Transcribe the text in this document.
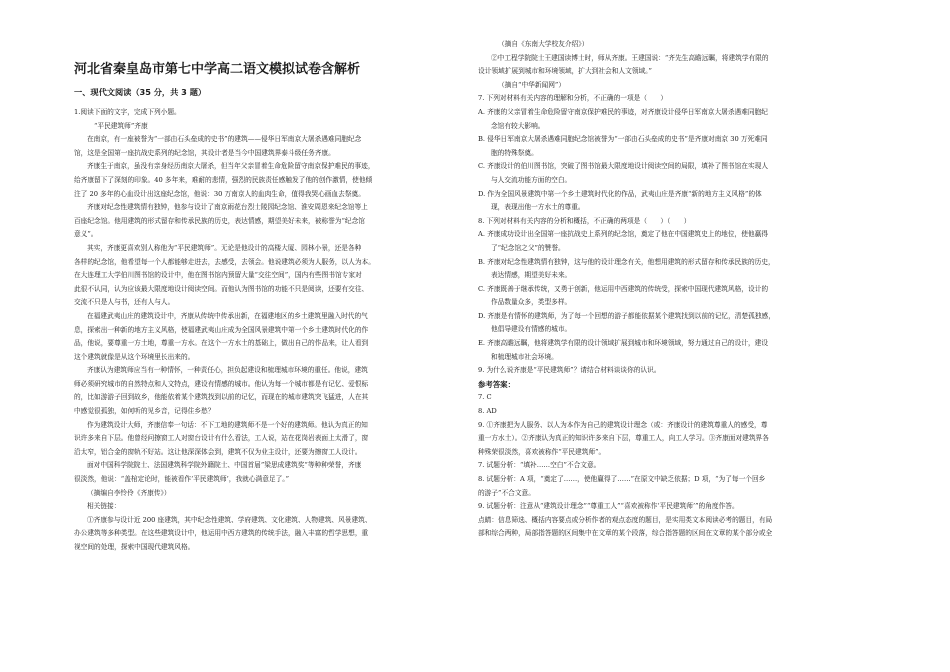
河北省秦皇岛市第七中学高二语文模拟试卷含解析
一、现代文阅读（35 分，共 3 题）
1.阅读下面的文字，完成下列小题。
“平民建筑师”齐康
在南京，有一座被誉为“一部由石头垒成的史书”的建筑——侵华日军南京大屠杀遇难同胞纪念
馆，这是全国第一座抗战史系列的纪念馆，其设计者是当今中国建筑界泰斗级任务齐康。
齐康生于南京，虽没有亲身经历南京大屠杀，但当年父亲冒着生命危险留守南京保护难民的事迹，
给齐康留下了深刻的印象。40 多年来，难耐的悲情，强烈的民族责任感触发了他的创作激情，使他倾
注了 20 多年的心血设计出这座纪念馆，他说：30 万南京人的血肉生命，值得我哭心画血去祭奠。
齐康对纪念性建筑情有独钟，他参与设计了南京雨花台烈士陵园纪念馆、淮安周恩来纪念馆等上
百座纪念馆。他用建筑的形式留存和传承民族的历史，表达情感，期望美好未来，被称誉为“纪念馆
意义”。
其实，齐康更喜欢别人称他为“平民建筑师”。无论是他设计的高楼大厦、园林小景，还是各种
各样的纪念馆，他希望每一个人都能够走进去，去感受，去领会。他说建筑必须为人服务，以人为本。
在大连理工大学伯川图书馆的设计中，他在图书馆内预留大量“交往空间”，国内有些图书馆专家对
此很不认同，认为应该最大限度地设计阅读空间。而他认为图书馆的功能不只是阅读，还要有交往、
交流不只是人与书，还有人与人。
在福建武夷山庄的建筑设计中，齐康从传统中传承出新，在福建地区的乡土建筑里融入时代的气
息，探索出一种新的地方主义风格，使福建武夷山庄成为全国风景建筑中第一个乡土建筑时代化的作
品，他说，要尊重一方土地，尊重一方水。在这个一方水土的基础上，做出自己的作品来，让人看到
这个建筑就像是从这个环境里长出来的。
齐康认为建筑师应当有一种情怀，一种责任心，担负起建设和梳理城市环境的重任。他说，建筑
师必须研究城市的自然特点和人文特点，建设有情感的城市。他认为每一个城市都是有记忆、爱恨标
的，比如游游子回到故乡，他能依着某个建筑找到以前的记忆，而现在的城市建筑突飞猛进，人在其
中感觉很孤独，如何听的见乡音，记得住乡愁？
作为建筑设计大师，齐康信奉一句话：不下工地的建筑师不是一个好的建筑师。他认为真正的知
识许多来自下层。他曾经问擦窗工人对窗台设计有什么看法，工人说，站在花岗岩表面上太滑了，窗
沿太窄，铝合金的窗轨不好站。这让他深深体会到，建筑不仅为业主设计，还要为擦窗工人设计。
面对中国科学院院士、法国建筑科学院外籍院士、中国首届”梁思成建筑奖“等种种荣誉，齐康
很淡然，他说：“盖棺定论时，能被看作‘平民建筑师’，我就心满意足了。”
（摘编自李怜伶《齐康传》）
相关链接：
①齐康参与设计近 200 座建筑，其中纪念性建筑、学府建筑、文化建筑、人物建筑、风景建筑、
办公建筑等多种类型。在这些建筑设计中，他运用中西方建筑的传统手法，融入丰富的哲学思想，重
视空间的处理，探索中国现代建筑风格。
（摘自《东南大学校友介绍》）
②中工程学院院士王建国读博士时，师从齐康。王建国说：“齐先生高瞻远瞩，将建筑学有限的
设计领域扩展到城市和环境领域，扩大到社会和人文领域。”
（摘自“中华新闻网”）
7. 下列对材料有关内容的理解和分析，不正确的一项是（　　）
A. 齐康的父亲冒着生命危险留守南京保护难民的事迹，对齐康设计侵华日军南京大屠杀遇难同胞纪
念馆有较大影响。
B. 侵华日军南京大屠杀遇难同胞纪念馆被誉为“一部由石头垒成的史书”是齐康对南京 30 万死难同
胞的特殊祭奠。
C. 齐康设计的伯川图书馆，突破了图书馆最大限度地设计阅读空间的局限，填补了图书馆在实现人
与人交流功能方面的空白。
D. 作为全国风景建筑中第一个乡土建筑时代化的作品，武夷山庄是齐康“新的地方主义风格”的体
现，表现出他一方水土的尊重。
8. 下列对材料有关内容的分析和概括，不正确的两项是（　　）（　　）
A. 齐康成功设计出全国第一座抗战史上系列的纪念馆，奠定了他在中国建筑史上的地位，使他赢得
了“纪念馆之父”的赞誉。
B. 齐康对纪念性建筑情有独钟，这与他的设计理念有关，他想用建筑的形式留存和传承民族的历史，
表达情感，期望美好未来。
C. 齐康既善于继承传统，又勇于创新，他运用中西建筑的传统受，探索中国现代建筑风格，设计的
作品数量众多，类型多样。
D. 齐康是有情怀的建筑师，为了每一个回想的游子都能依据某个建筑找到以前的记忆，清楚孤独感，
他倡导建设有情感的城市。
E. 齐康高瞻远瞩，他将建筑学有限的设计领域扩展到城市和环境领域，努力通过自己的设计，建设
和梳理城市社会环境。
9. 为什么说齐康是“平民建筑师”？请结合材料谈谈你的认识。
参考答案：
7. C
8. AD
9. ①齐康把为人服务、以人为本作为自己的建筑设计理念（或：齐康设计的建筑尊重人的感受，尊
重一方水土）。②齐康认为真正的知识许多来自下层，尊重工人，向工人学习。③齐康面对建筑界各
种殊荣很淡然，喜欢被称作“平民建筑师”。
7. 试题分析：“填补……空白”不合文意。
8. 试题分析：A 项，“奠定了……，使他赢得了……”在原文中缺乏依据；D 项，“为了每一个回乡
的游子”不合文意。
9. 试题分析：注意从“建筑设计理念”“尊重工人”“喜欢被称作‘平民建筑师’”的角度作答。
点睛：信息筛选、概括内容要点或分析作者的观点态度的题目，是实用类文本阅读必考的题目，有局
部和综合两种，局部指答题的区间集中在文章的某个段落，综合指答题的区间在文章的某个部分或全
